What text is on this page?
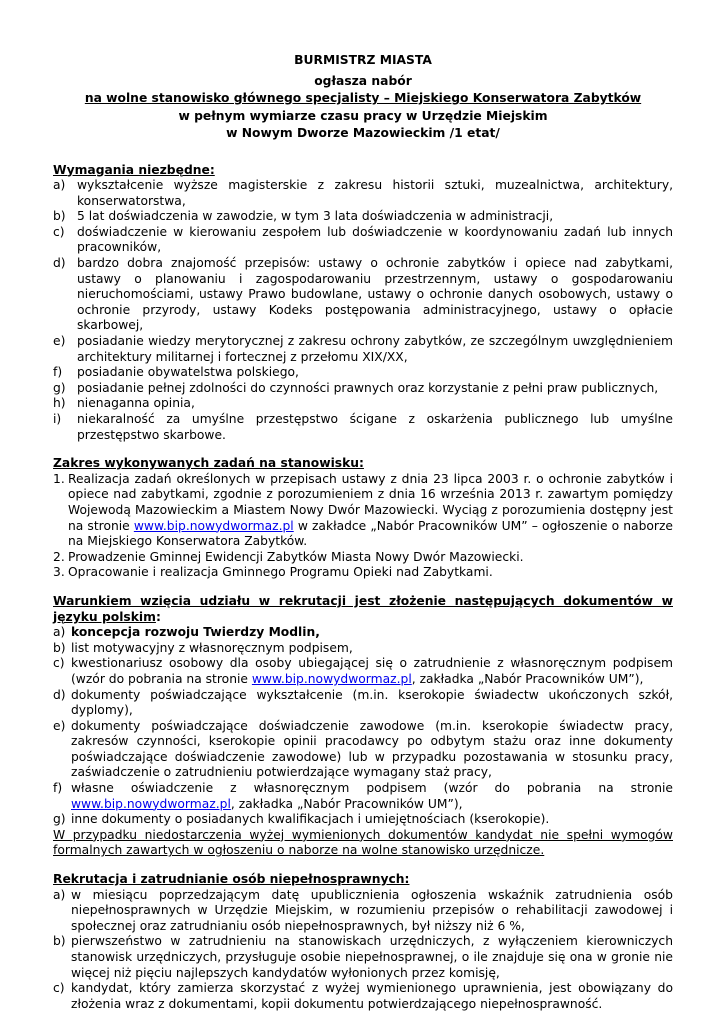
BURMISTRZ MIASTA
ogłasza nabór
na wolne stanowisko głównego specjalisty – Miejskiego Konserwatora Zabytków
w pełnym wymiarze czasu pracy w Urzędzie Miejskim
w Nowym Dworze Mazowieckim /1 etat/
Wymagania niezbędne:
a) wykształcenie wyższe magisterskie z zakresu historii sztuki, muzealnictwa, architektury, konserwatorstwa,
b) 5 lat doświadczenia w zawodzie, w tym 3 lata doświadczenia w administracji,
c)	doświadczenie w kierowaniu zespołem lub doświadczenie w koordynowaniu zadań lub innych pracowników,
d) bardzo dobra znajomość przepisów: ustawy o ochronie zabytków i opiece nad zabytkami, ustawy o planowaniu i zagospodarowaniu przestrzennym, ustawy o gospodarowaniu nieruchomościami, ustawy Prawo budowlane, ustawy o ochronie danych osobowych, ustawy o ochronie przyrody, ustawy Kodeks postępowania administracyjnego, ustawy o opłacie skarbowej,
e) posiadanie wiedzy merytorycznej z zakresu ochrony zabytków, ze szczególnym uwzględnieniem architektury militarnej i fortecznej z przełomu XIX/XX,
f)	posiadanie obywatelstwa polskiego,
g) posiadanie pełnej zdolności do czynności prawnych oraz korzystanie z pełni praw publicznych,
h) nienaganna opinia,
i)	niekaralność za umyślne przestępstwo ścigane z oskarżenia publicznego lub umyślne przestępstwo skarbowe.
Zakres wykonywanych zadań na stanowisku:
1. Realizacja zadań określonych w przepisach ustawy z dnia 23 lipca 2003 r. o ochronie zabytków i opiece nad zabytkami, zgodnie z porozumieniem z dnia 16 września 2013 r. zawartym pomiędzy Wojewodą Mazowieckim a Miastem Nowy Dwór Mazowiecki. Wyciąg z porozumienia dostępny jest na stronie www.bip.nowydwormaz.pl w zakładce „Nabór Pracowników UM” – ogłoszenie o naborze na Miejskiego Konserwatora Zabytków.
2. Prowadzenie Gminnej Ewidencji Zabytków Miasta Nowy Dwór Mazowiecki.
3. Opracowanie i realizacja Gminnego Programu Opieki nad Zabytkami.
Warunkiem wzięcia udziału w rekrutacji jest złożenie następujących dokumentów w języku polskim:
a) koncepcja rozwoju Twierdzy Modlin,
b) list motywacyjny z własnoręcznym podpisem,
c) kwestionariusz osobowy dla osoby ubiegającej się o zatrudnienie z własnoręcznym podpisem (wzór do pobrania na stronie www.bip.nowydwormaz.pl, zakładka „Nabór Pracowników UM”),
d) dokumenty poświadczające wykształcenie (m.in. kserokopie świadectw ukończonych szkół, dyplomy),
e) dokumenty poświadczające doświadczenie zawodowe (m.in. kserokopie świadectw pracy, zakresów czynności, kserokopie opinii pracodawcy po odbytym stażu oraz inne dokumenty poświadczające doświadczenie zawodowe) lub w przypadku pozostawania w stosunku pracy, zaświadczenie o zatrudnieniu potwierdzające wymagany staż pracy,
f) własne oświadczenie z własnoręcznym podpisem (wzór do pobrania na stronie www.bip.nowydwormaz.pl, zakładka „Nabór Pracowników UM”),
g) inne dokumenty o posiadanych kwalifikacjach i umiejętnościach (kserokopie).
W przypadku niedostarczenia wyżej wymienionych dokumentów kandydat nie spełni wymogów formalnych zawartych w ogłoszeniu o naborze na wolne stanowisko urzędnicze.
Rekrutacja i zatrudnianie osób niepełnosprawnych:
a) w miesiącu poprzedzającym datę upublicznienia ogłoszenia wskaźnik zatrudnienia osób niepełnosprawnych w Urzędzie Miejskim, w rozumieniu przepisów o rehabilitacji zawodowej i społecznej oraz zatrudnianiu osób niepełnosprawnych, był niższy niż 6 %,
b) pierwszeństwo w zatrudnieniu na stanowiskach urzędniczych, z wyłączeniem kierowniczych stanowisk urzędniczych, przysługuje osobie niepełnosprawnej, o ile znajduje się ona w gronie nie więcej niż pięciu najlepszych kandydatów wyłonionych przez komisję,
c) kandydat, który zamierza skorzystać z wyżej wymienionego uprawnienia, jest obowiązany do złożenia wraz z dokumentami, kopii dokumentu potwierdzającego niepełnosprawność.
